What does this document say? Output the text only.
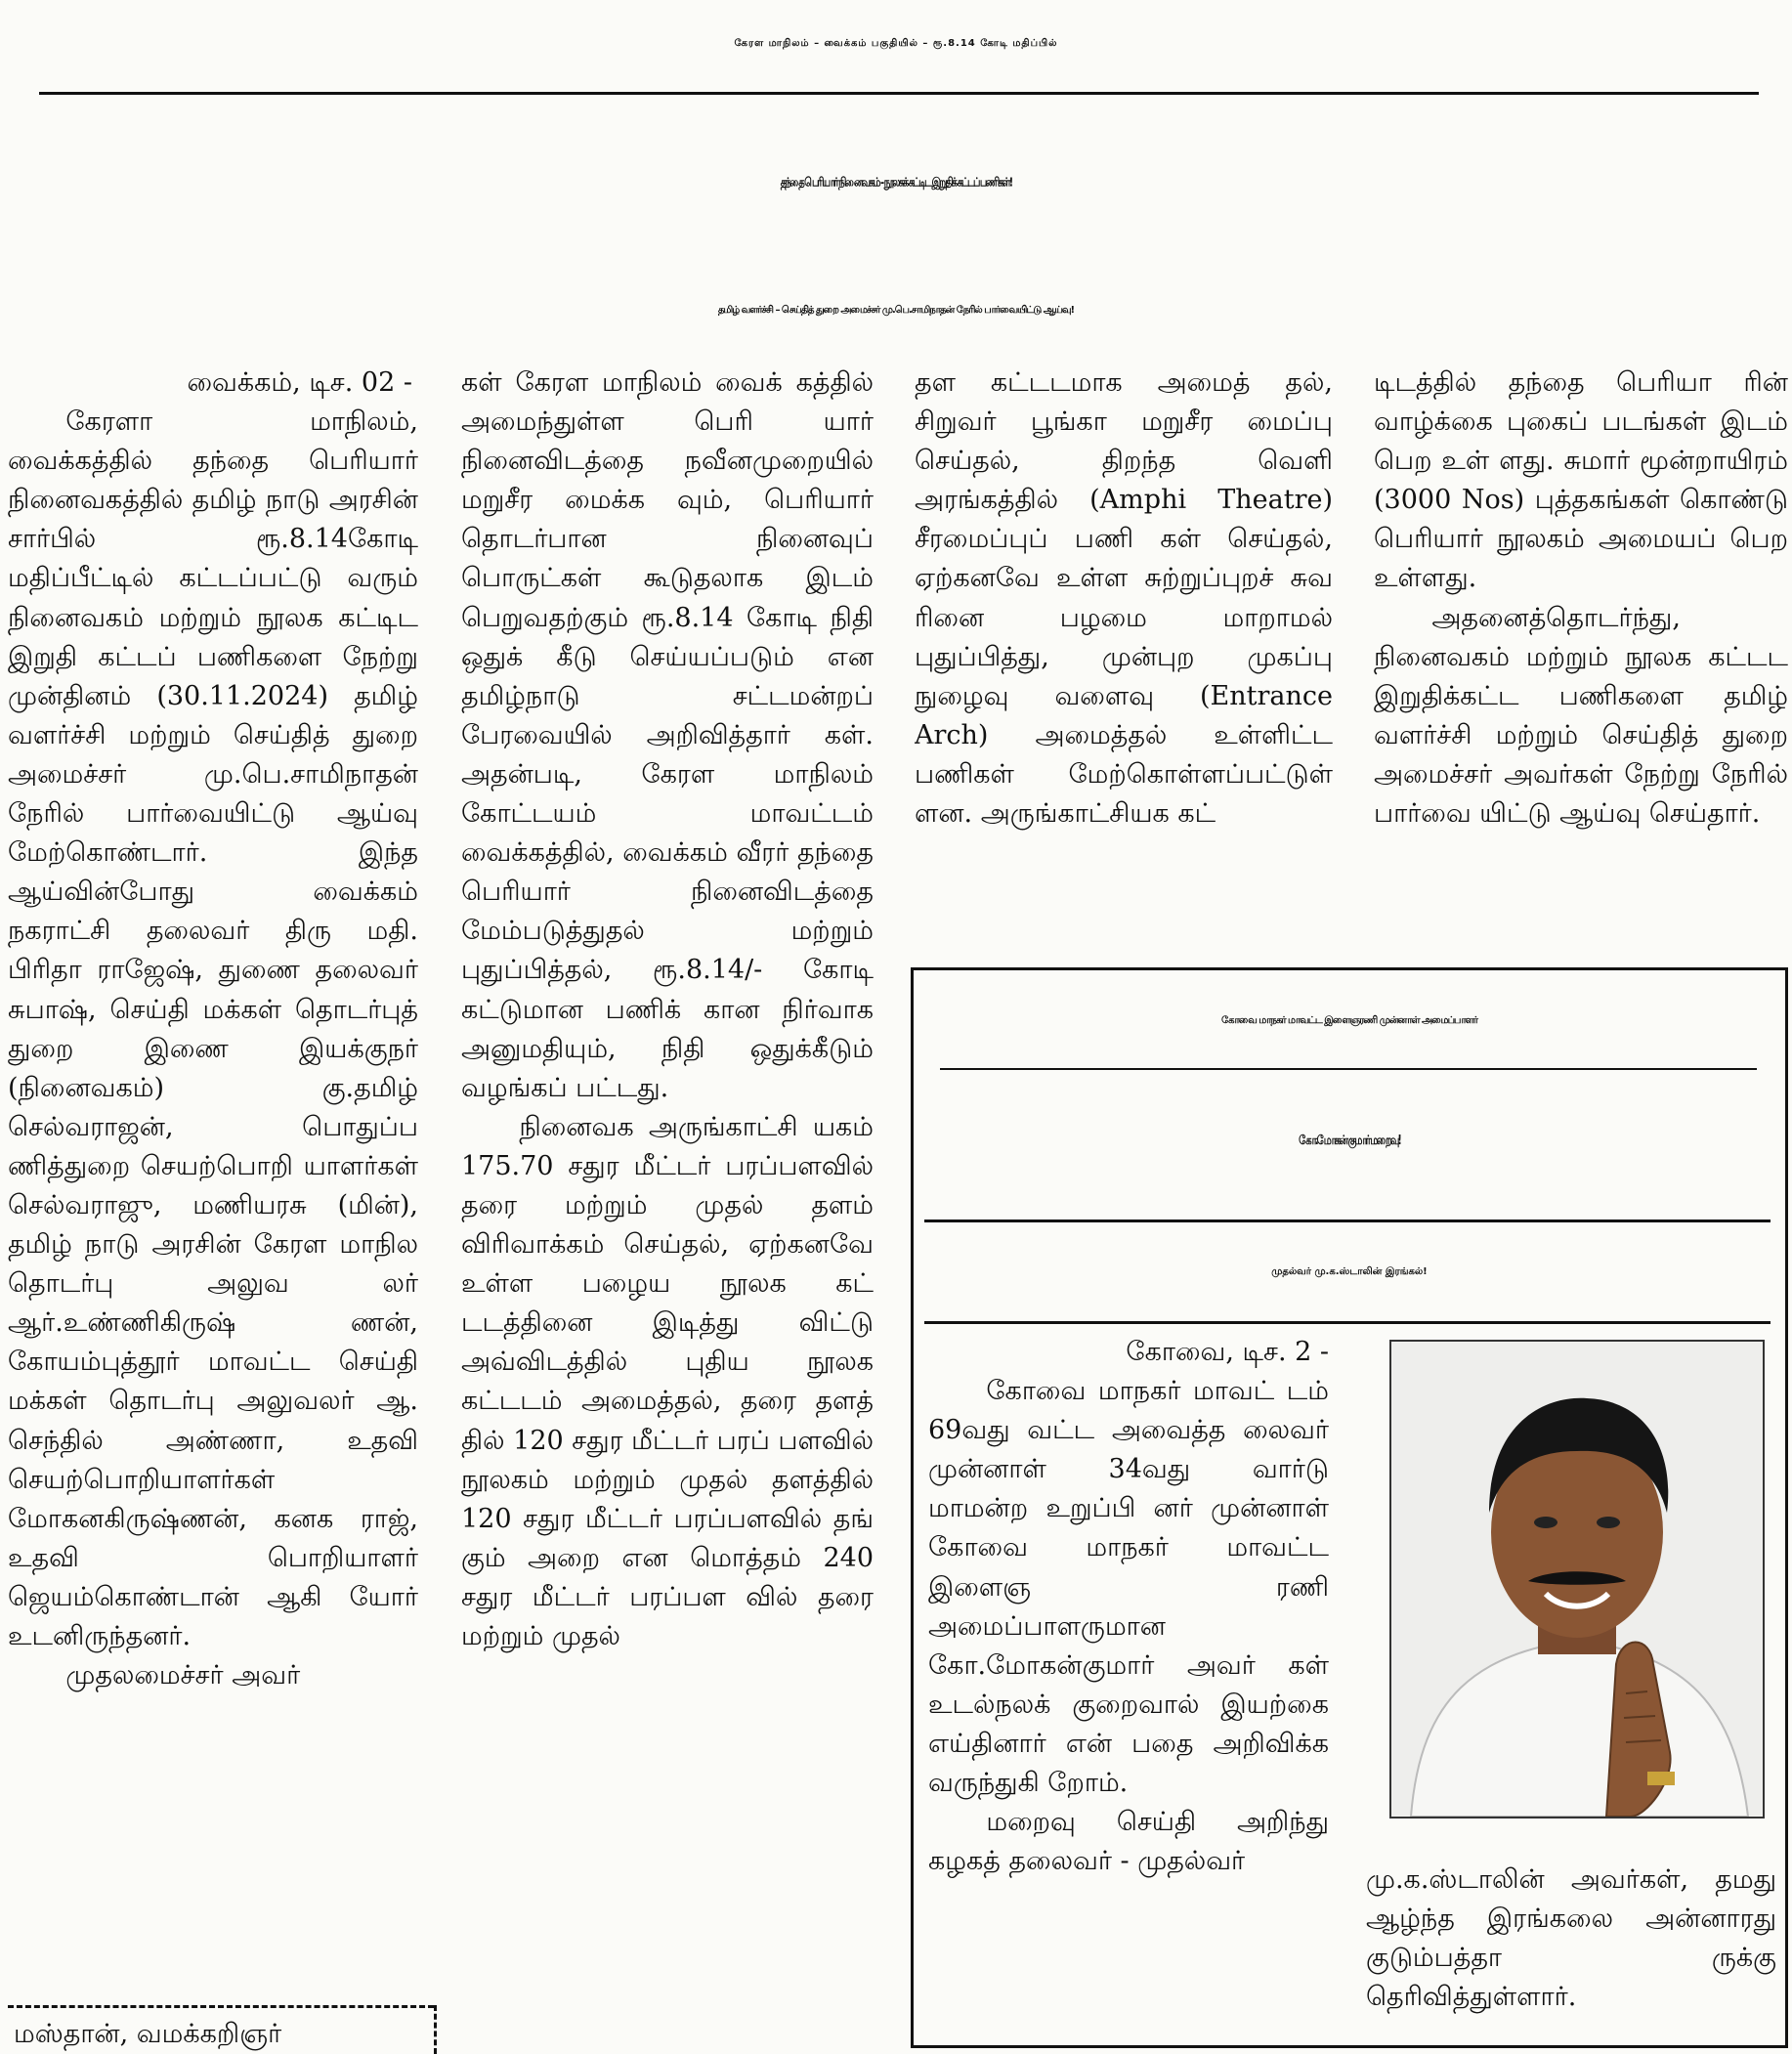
கேரள மாநிலம் – வைக்கம் பகுதியில் – ரூ.8.14 கோடி மதிப்பில்
தந்தை பெரியார் நினைவகம் - நூலகக் கட்டிட இறுதிக் கட்டப் பணிகள்!
தமிழ் வளர்ச்சி – செய்தித் துறை அமைச்சர் மு.பெ.சாமிநாதன் நேரில் பார்வையிட்டு ஆய்வு!

வைக்கம், டிச. 02 -

கேரளா மாநிலம், வைக்கத்தில் தந்தை பெரியார் நினைவகத்தில் தமிழ் நாடு அரசின் சார்பில் ரூ.8.14கோடி மதிப்பீட்டில் கட்டப்பட்டு வரும் நினைவகம் மற்றும் நூலக கட்டிட இறுதி கட்டப் பணிகளை நேற்று முன்தினம் (30.11.2024) தமிழ் வளர்ச்சி மற்றும் செய்தித் துறை அமைச்சர் மு.பெ.சாமிநாதன் நேரில் பார்வையிட்டு ஆய்வு மேற்கொண்டார். இந்த ஆய்வின்போது வைக்கம் நகராட்சி தலைவர் திரு மதி. பிரிதா ராஜேஷ், துணை தலைவர் சுபாஷ், செய்தி மக்கள் தொடர்புத் துறை இணை இயக்குநர் (நினைவகம்) கு.தமிழ் செல்வராஜன், பொதுப்ப ணித்துறை செயற்பொறி யாளர்கள் செல்வராஜு, மணியரசு (மின்), தமிழ் நாடு அரசின் கேரள மாநில தொடர்பு அலுவ லர் ஆர்.உண்ணிகிருஷ் ணன், கோயம்புத்தூர் மாவட்ட செய்தி மக்கள் தொடர்பு அலுவலர் ஆ. செந்தில் அண்ணா, உதவி செயற்பொறியாளர்கள் மோகனகிருஷ்ணன், கனக ராஜ், உதவி பொறியாளர் ஜெயம்கொண்டான் ஆகி யோர் உடனிருந்தனர்.

முதலமைச்சர் அவர்

மஸ்தான், வமக்கறிஞர்

கள் கேரள மாநிலம் வைக் கத்தில் அமைந்துள்ள பெரி யார் நினைவிடத்தை நவீனமுறையில் மறுசீர மைக்க வும், பெரியார் தொடர்பான நினைவுப் பொருட்கள் கூடுதலாக இடம் பெறுவதற்கும் ரூ.8.14 கோடி நிதி ஒதுக் கீடு செய்யப்படும் என தமிழ்நாடு சட்டமன்றப் பேரவையில் அறிவித்தார் கள். அதன்படி, கேரள மாநிலம் கோட்டயம் மாவட்டம் வைக்கத்தில், வைக்கம் வீரர் தந்தை பெரியார் நினைவிடத்தை மேம்படுத்துதல் மற்றும் புதுப்பித்தல், ரூ.8.14/- கோடி கட்டுமான பணிக் கான நிர்வாக அனுமதியும், நிதி ஒதுக்கீடும் வழங்கப் பட்டது.

நினைவக அருங்காட்சி யகம் 175.70 சதுர மீட்டர் பரப்பளவில் தரை மற்றும் முதல் தளம் விரிவாக்கம் செய்தல், ஏற்கனவே உள்ள பழைய நூலக கட் டடத்தினை இடித்து விட்டு அவ்விடத்தில் புதிய நூலக கட்டடம் அமைத்தல், தரை தளத் தில் 120 சதுர மீட்டர் பரப் பளவில் நூலகம் மற்றும் முதல் தளத்தில் 120 சதுர மீட்டர் பரப்பளவில் தங் கும் அறை என மொத்தம் 240 சதுர மீட்டர் பரப்பள வில் தரை மற்றும் முதல்

தள கட்டடமாக அமைத் தல், சிறுவர் பூங்கா மறுசீர மைப்பு செய்தல், திறந்த வெளி அரங்கத்தில் (Amphi Theatre) சீரமைப்புப் பணி கள் செய்தல், ஏற்கனவே உள்ள சுற்றுப்புறச் சுவ ரினை பழமை மாறாமல் புதுப்பித்து, முன்புற முகப்பு நுழைவு வளைவு (Entrance Arch) அமைத்தல் உள்ளிட்ட பணிகள் மேற்கொள்ளப்பட்டுள் ளன. அருங்காட்சியக கட்

டிடத்தில் தந்தை பெரியா ரின் வாழ்க்கை புகைப் படங்கள் இடம் பெற உள் ளது. சுமார் மூன்றாயிரம் (3000 Nos) புத்தகங்கள் கொண்டு பெரியார் நூலகம் அமையப் பெற உள்ளது.

அதனைத்தொடர்ந்து, நினைவகம் மற்றும் நூலக கட்டட இறுதிக்கட்ட பணிகளை தமிழ் வளர்ச்சி மற்றும் செய்தித் துறை அமைச்சர் அவர்கள் நேற்று நேரில் பார்வை யிட்டு ஆய்வு செய்தார்.

கோவை மாநகர் மாவட்ட இளைஞரணி முன்னாள் அமைப்பாளர்
கோ.மோகன் குமார் மறைவு!
முதல்வர் மு.க.ஸ்டாலின் இரங்கல்!

கோவை, டிச. 2 -

கோவை மாநகர் மாவட் டம் 69வது வட்ட அவைத்த லைவர் முன்னாள் 34வது வார்டு மாமன்ற உறுப்பி னர் முன்னாள் கோவை மாநகர் மாவட்ட இளைஞ ரணி அமைப்பாளருமான கோ.மோகன்குமார் அவர் கள் உடல்நலக் குறைவால் இயற்கை எய்தினார் என் பதை அறிவிக்க வருந்துகி றோம்.

மறைவு செய்தி அறிந்து கழகத் தலைவர் - முதல்வர்

மு.க.ஸ்டாலின் அவர்கள், தமது ஆழ்ந்த இரங்கலை அன்னாரது குடும்பத்தா ருக்கு தெரிவித்துள்ளார்.
